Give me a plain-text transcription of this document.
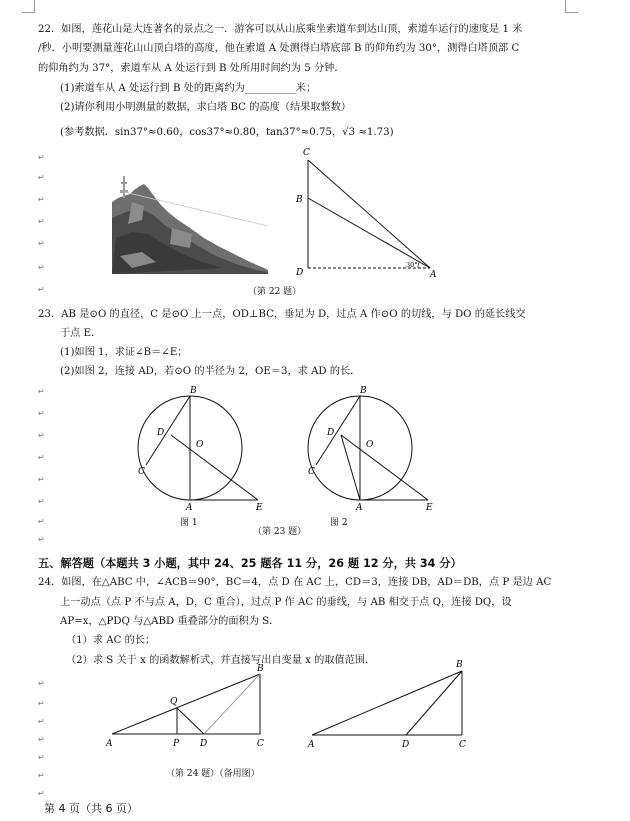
22．如图，莲花山是大连著名的景点之一．游客可以从山底乘坐索道车到达山顶，索道车运行的速度是 1 米
/秒．小明要测量莲花山山顶白塔的高度，他在索道 A 处测得白塔底部 B 的仰角约为 30°，测得白塔顶部 C
的仰角约为 37°，索道车从 A 处运行到 B 处所用时间约为 5 分钟．
(1)索道车从 A 处运行到 B 处的距离约为__________米；
(2)请你利用小明测量的数据，求白塔 BC 的高度（结果取整数）
(参考数据．sin37°≈0.60，cos37°≈0.80，tan37°≈0.75，√3 ≈1.73)
C
B
D	A
30°
（第 22 题）
23．AB 是⊙O 的直径，C 是⊙O 上一点，OD⊥BC，垂足为 D，过点 A 作⊙O 的切线，与 DO 的延长线交
于点 E．
(1)如图 1，求证∠B＝∠E；
(2)如图 2，连接 AD，若⊙O 的半径为 2，OE＝3，求 AD 的长．
B
D
O
C
A	E
B
D
O
C
A	E
图 1
（第 23 题）
图 2
五、解答题（本题共 3 小题，其中 24、25 题各 11 分，26 题 12 分，共 34 分）
24．如图，在△ABC 中，∠ACB＝90°，BC＝4，点 D 在 AC 上，CD＝3，连接 DB，AD＝DB，点 P 是边 AC
上一动点（点 P 不与点 A，D，C 重合），过点 P 作 AC 的垂线，与 AB 相交于点 Q，连接 DQ，设
AP=x，△PDQ 与△ABD 重叠部分的面积为 S．
（1）求 AC 的长；
（2）求 S 关于 x 的函数解析式，并直接写出自变量 x 的取值范围．
B
Q
A	P D	C
B
A	D	C
（第 24 题）（备用图）
↵
↵
↵
↵
↵
↵
↵
↵
↵
↵
↵
↵
↵
↵
↵
↵
↵
↵
↵
↵
↵
↵
第 4 页（共 6 页）
